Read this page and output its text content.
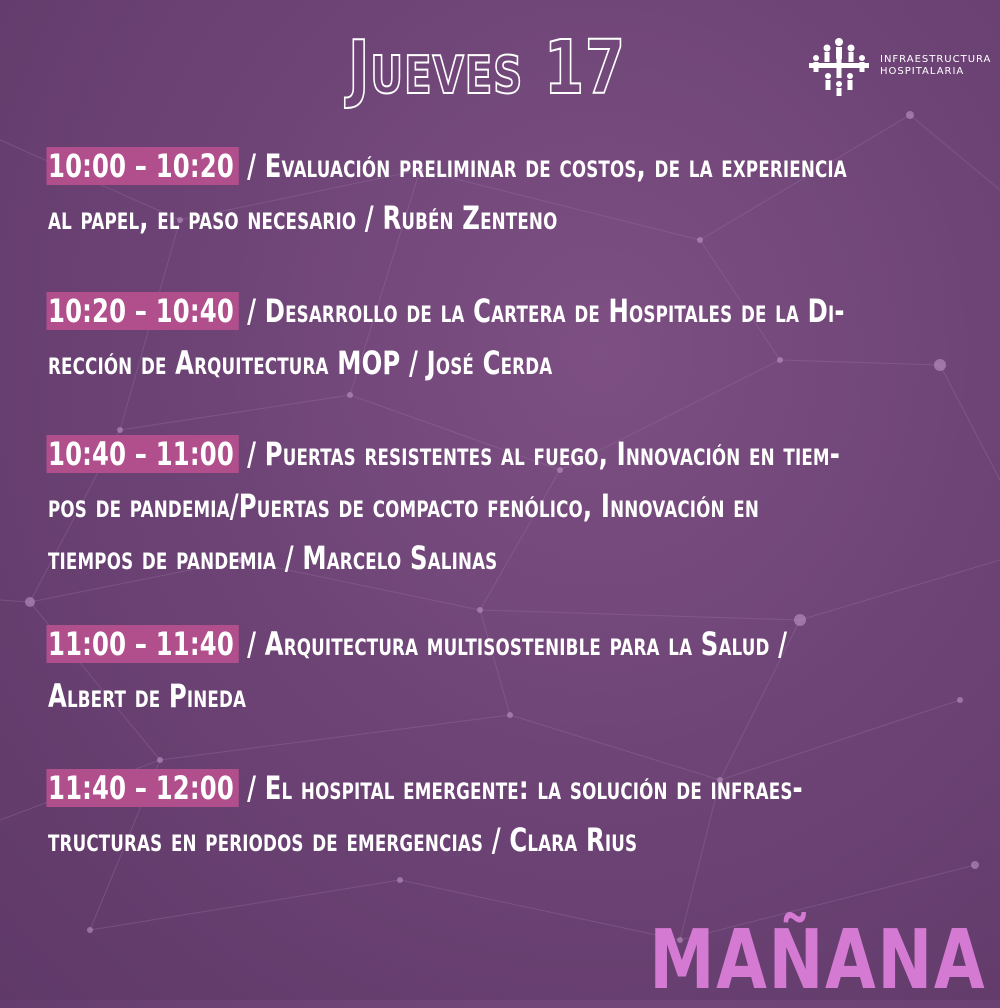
Jueves 17	INFRAESTRUCTURA
HOSPITALARIA
10:00 – 10:20 / Evaluación preliminar de costos, de la experiencia
al papel, el paso necesario / Rubén Zenteno
10:20 – 10:40 / Desarrollo de la Cartera de Hospitales de la Di-
rección de Arquitectura MOP / José Cerda
10:40 – 11:00 / Puertas resistentes al fuego, Innovación en tiem-
pos de pandemia/Puertas de compacto fenólico, Innovación en
tiempos de pandemia / Marcelo Salinas
11:00 – 11:40 / Arquitectura multisostenible para la Salud /
Albert de Pineda
11:40 – 12:00 / El hospital emergente: la solución de infraes-
tructuras en periodos de emergencias / Clara Rius
MAÑANA
